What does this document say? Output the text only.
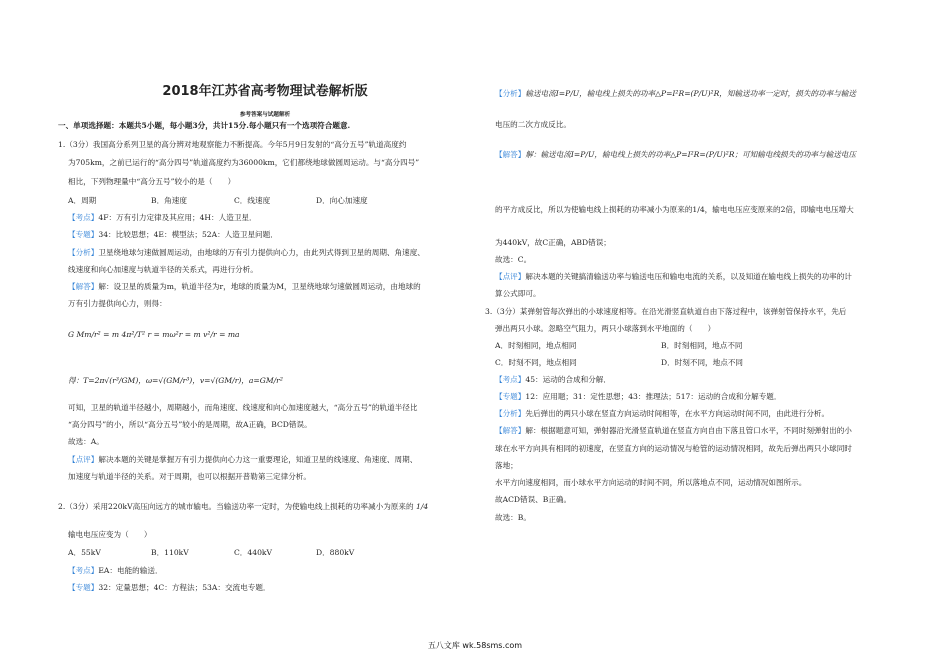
2018年江苏省高考物理试卷解析版
参考答案与试题解析
一、单项选择题：本题共5小题，每小题3分，共计15分.每小题只有一个选项符合题意.
1.（3分）我国高分系列卫星的高分辨对地观察能力不断提高。今年5月9日发射的“高分五号”轨道高度约
为705km，之前已运行的“高分四号”轨道高度约为36000km，它们都绕地球做圆周运动。与“高分四号”
相比，下列物理量中“高分五号”较小的是（　　）
A．周期	B．角速度	C．线速度	D．向心加速度
【考点】4F：万有引力定律及其应用；4H：人造卫星．
【专题】34：比较思想；4E：模型法；52A：人造卫星问题．
【分析】卫星绕地球匀速做圆周运动，由地球的万有引力提供向心力，由此列式得到卫星的周期、角速度、
线速度和向心加速度与轨道半径的关系式，再进行分析。
【解答】解：设卫星的质量为m，轨道半径为r，地球的质量为M，卫星绕地球匀速做圆周运动，由地球的
万有引力提供向心力，则得：
G Mm/r² = m 4π²/T² r = mω²r = m v²/r = ma
得：T=2π√(r³/GM)，ω=√(GM/r³)，v=√(GM/r)，a=GM/r²
可知，卫星的轨道半径越小，周期越小，而角速度、线速度和向心加速度越大，“高分五号”的轨道半径比
“高分四号”的小，所以“高分五号”较小的是周期，故A正确，BCD错误。
故选：A。
【点评】解决本题的关键是掌握万有引力提供向心力这一重要理论，知道卫星的线速度、角速度、周期、
加速度与轨道半径的关系。对于周期，也可以根据开普勒第三定律分析。
2.（3分）采用220kV高压向远方的城市输电。当输送功率一定时，为使输电线上损耗的功率减小为原来的 1/4
输电电压应变为（　　）
A．55kV	B．110kV	C．440kV	D．880kV
【考点】EA：电能的输送．
【专题】32：定量思想；4C：方程法；53A：交流电专题．
【分析】输送电流I=P/U，输电线上损失的功率△P=I²R=(P/U)²R，知输送功率一定时，损失的功率与输送
电压的二次方成反比。
【解答】解：输送电流I=P/U，输电线上损失的功率△P=I²R=(P/U)²R；可知输电线损失的功率与输送电压
的平方成反比，所以为使输电线上损耗的功率减小为原来的1/4，输电电压应变原来的2倍，即输电电压增大
为440kV，故C正确，ABD错误；
故选：C。
【点评】解决本题的关键搞清输送功率与输送电压和输电电流的关系，以及知道在输电线上损失的功率的计
算公式即可。
3.（3分）某弹射管每次弹出的小球速度相等。在沿光滑竖直轨道自由下落过程中，该弹射管保持水平，先后
弹出两只小球。忽略空气阻力，两只小球落到水平地面的（　　）
A．时刻相同，地点相同	B．时刻相同，地点不同
C．时刻不同，地点相同	D．时刻不同，地点不同
【考点】45：运动的合成和分解．
【专题】12：应用题；31：定性思想；43：推理法；517：运动的合成和分解专题．
【分析】先后弹出的两只小球在竖直方向运动时间相等，在水平方向运动时间不同，由此进行分析。
【解答】解：根据题意可知，弹射器沿光滑竖直轨道在竖直方向自由下落且管口水平，不同时刻弹射出的小
球在水平方向具有相同的初速度，在竖直方向的运动情况与枪管的运动情况相同，故先后弹出两只小球同时
落地；
水平方向速度相同，而小球水平方向运动的时间不同，所以落地点不同，运动情况如图所示。
故ACD错误、B正确。
故选：B。
五八文库 wk.58sms.com
